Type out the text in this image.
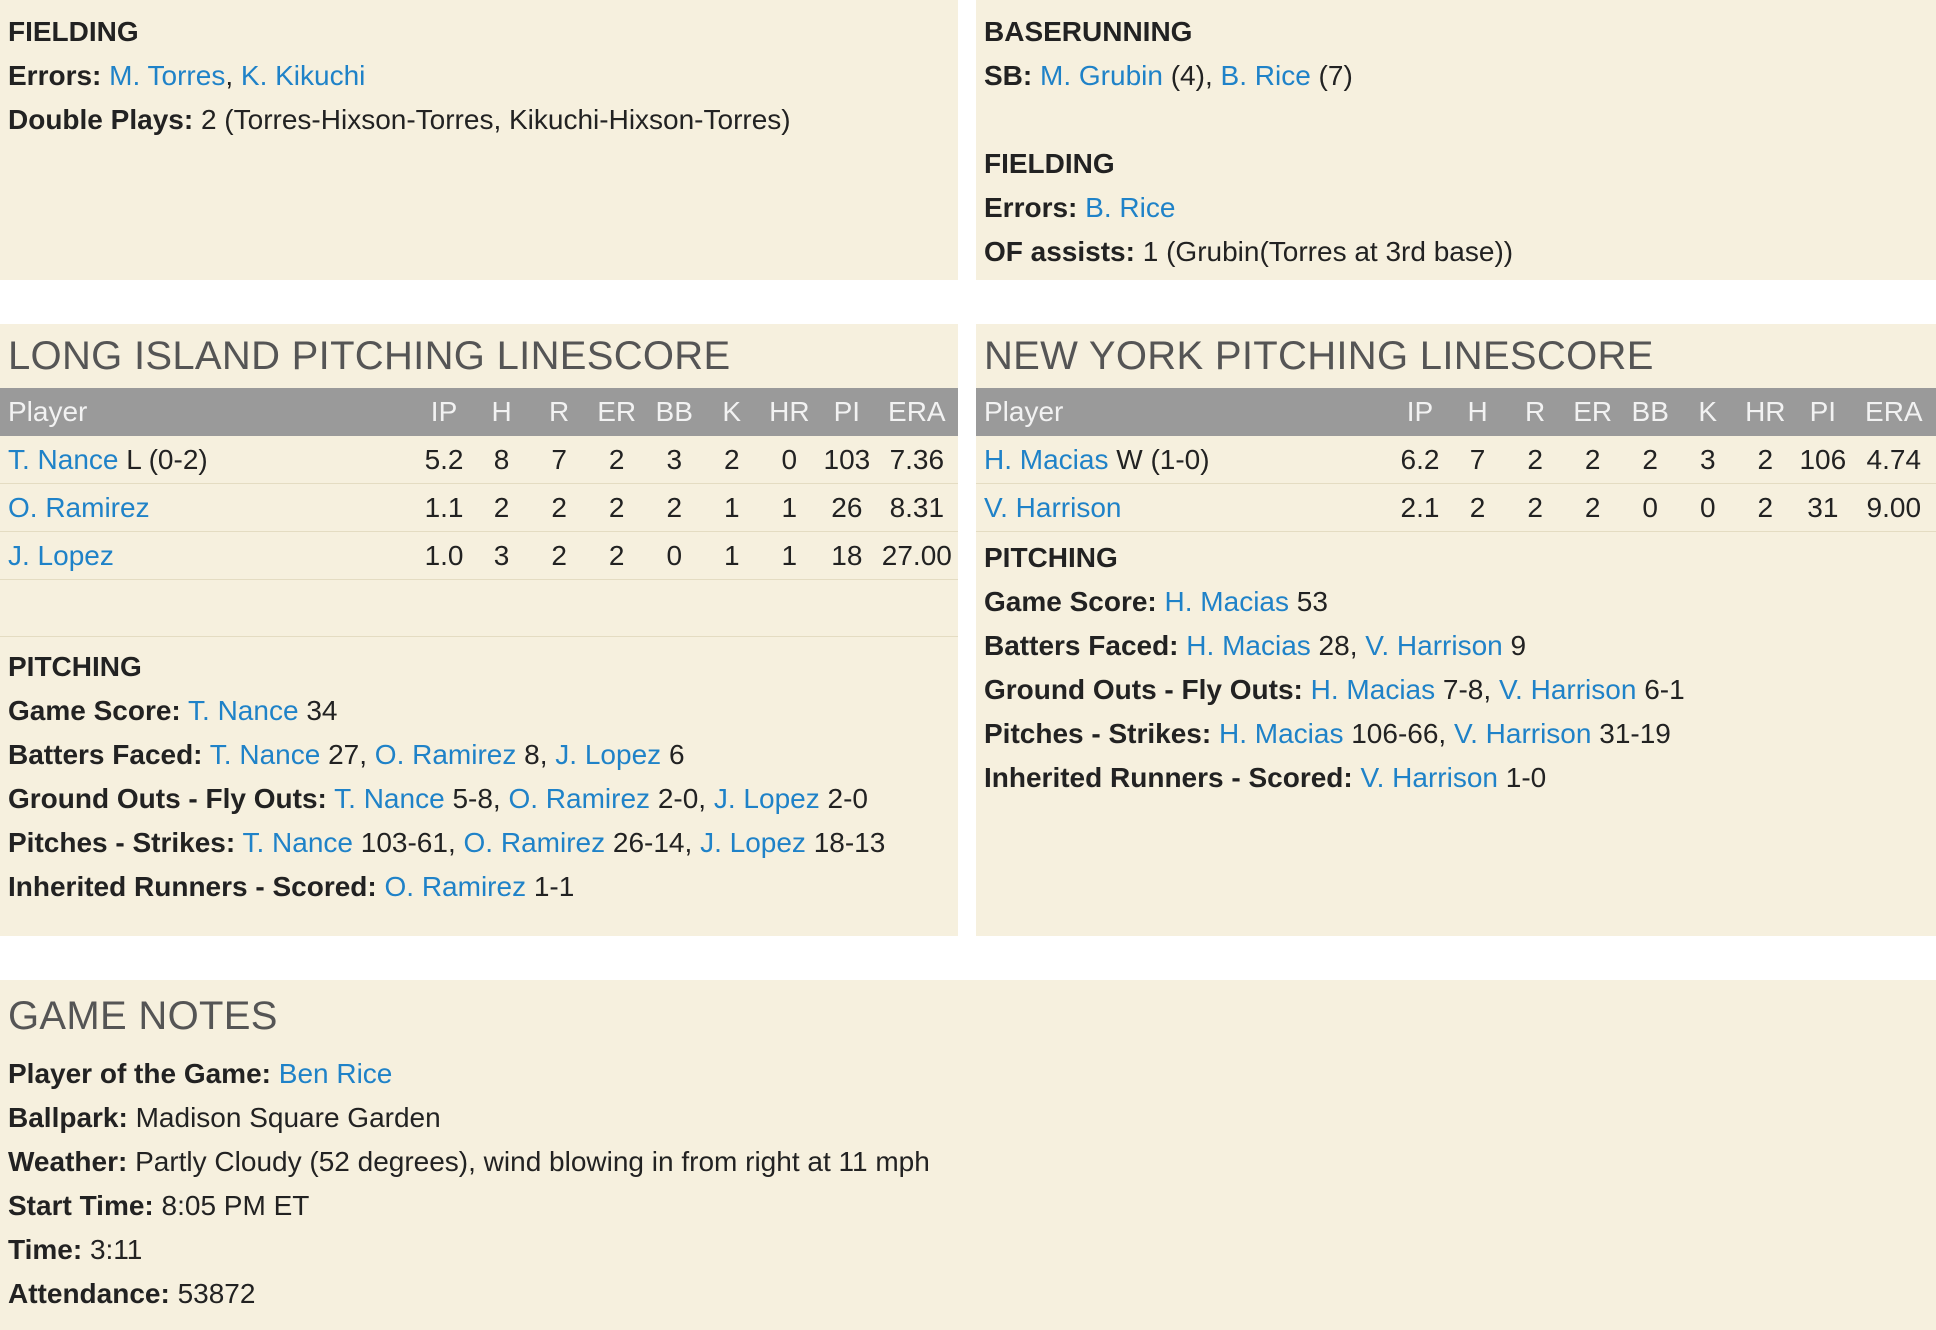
FIELDING
Errors: M. Torres, K. Kikuchi
Double Plays: 2 (Torres-Hixson-Torres, Kikuchi-Hixson-Torres)
BASERUNNING
SB: M. Grubin (4), B. Rice (7)
FIELDING
Errors: B. Rice
OF assists: 1 (Grubin(Torres at 3rd base))
LONG ISLAND PITCHING LINESCORE
Player	IP	H	R	ER	BB	K	HR	PI	ERA
T. Nance L (0-2)	5.2	8	7	2	3	2	0	103	7.36
O. Ramirez	1.1	2	2	2	2	1	1	26	8.31
J. Lopez	1.0	3	2	2	0	1	1	18	27.00
PITCHING
Game Score: T. Nance 34
Batters Faced: T. Nance 27, O. Ramirez 8, J. Lopez 6
Ground Outs - Fly Outs: T. Nance 5-8, O. Ramirez 2-0, J. Lopez 2-0
Pitches - Strikes: T. Nance 103-61, O. Ramirez 26-14, J. Lopez 18-13
Inherited Runners - Scored: O. Ramirez 1-1
NEW YORK PITCHING LINESCORE
Player	IP	H	R	ER	BB	K	HR	PI	ERA
H. Macias W (1-0)	6.2	7	2	2	2	3	2	106	4.74
V. Harrison	2.1	2	2	2	0	0	2	31	9.00
PITCHING
Game Score: H. Macias 53
Batters Faced: H. Macias 28, V. Harrison 9
Ground Outs - Fly Outs: H. Macias 7-8, V. Harrison 6-1
Pitches - Strikes: H. Macias 106-66, V. Harrison 31-19
Inherited Runners - Scored: V. Harrison 1-0
GAME NOTES
Player of the Game: Ben Rice
Ballpark: Madison Square Garden
Weather: Partly Cloudy (52 degrees), wind blowing in from right at 11 mph
Start Time: 8:05 PM ET
Time: 3:11
Attendance: 53872
